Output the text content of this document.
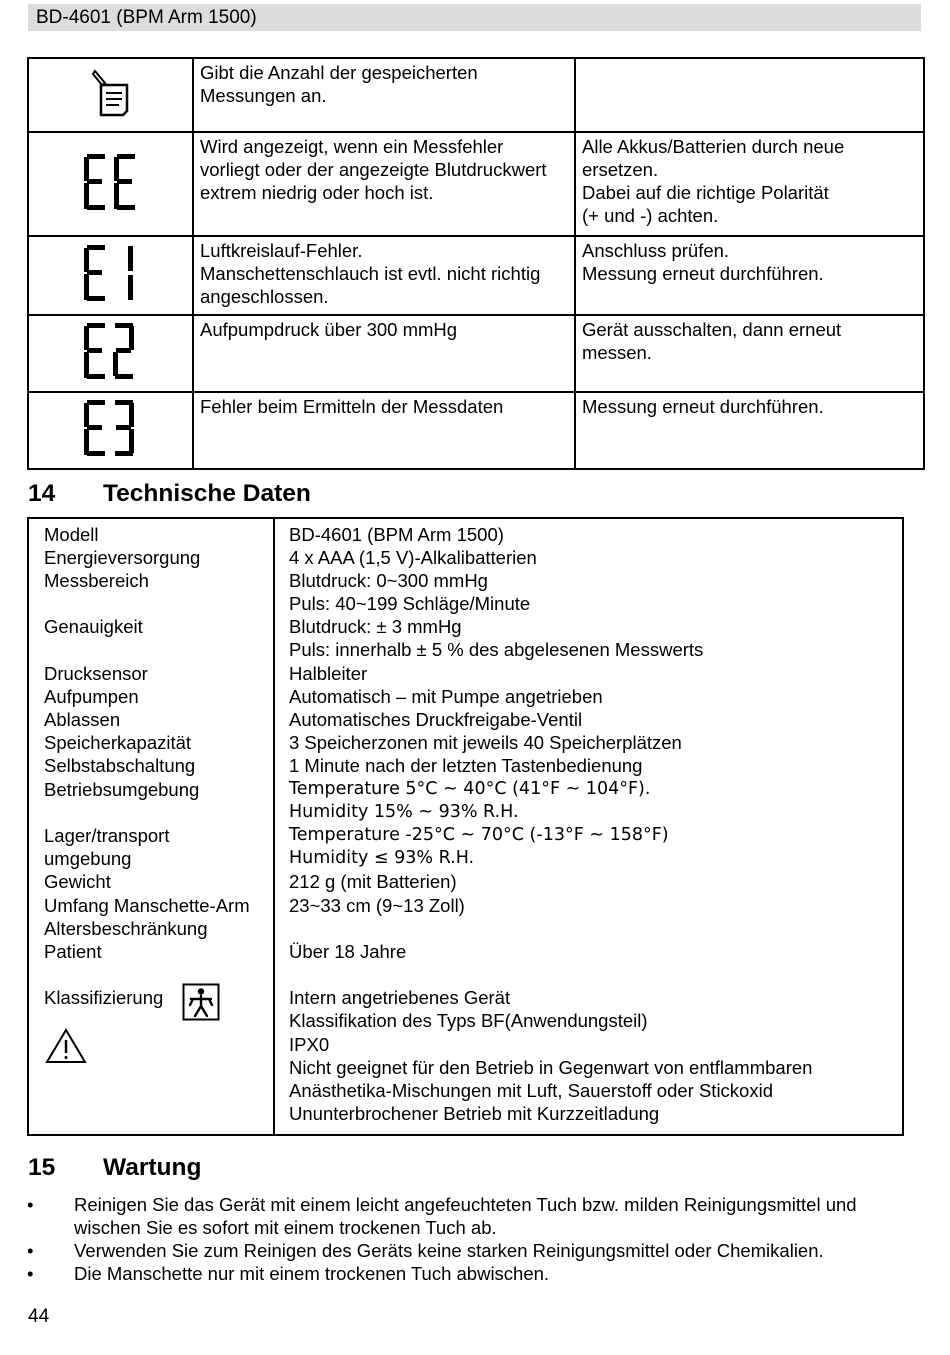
BD-4601 (BPM Arm 1500)
	Gibt die Anzahl der gespeicherten
Messungen an.	
	Wird angezeigt, wenn ein Messfehler
vorliegt oder der angezeigte Blutdruckwert
extrem niedrig oder hoch ist.	Alle Akkus/Batterien durch neue
ersetzen.
Dabei auf die richtige Polarität
(+ und -) achten.
	Luftkreislauf-Fehler.
Manschettenschlauch ist evtl. nicht richtig
angeschlossen.	Anschluss prüfen.
Messung erneut durchführen.
	Aufpumpdruck über 300 mmHg	Gerät ausschalten, dann erneut
messen.
	Fehler beim Ermitteln der Messdaten	Messung erneut durchführen.
14 Technische Daten
Modell	BD-4601 (BPM Arm 1500)
Energieversorgung	4 x AAA (1,5 V)-Alkalibatterien
Messbereich	Blutdruck: 0~300 mmHg
Puls: 40~199 Schläge/Minute
Genauigkeit	Blutdruck: ± 3 mmHg
Puls: innerhalb ± 5 % des abgelesenen Messwerts
Drucksensor	Halbleiter
Aufpumpen	Automatisch – mit Pumpe angetrieben
Ablassen	Automatisches Druckfreigabe-Ventil
Speicherkapazität	3 Speicherzonen mit jeweils 40 Speicherplätzen
Selbstabschaltung	1 Minute nach der letzten Tastenbedienung
Betriebsumgebung	Temperature 5°C ~ 40°C (41°F ~ 104°F).
Humidity 15% ~ 93% R.H.
Lager/transport	Temperature -25°C ~ 70°C (-13°F ~ 158°F)
umgebung	Humidity ≤ 93% R.H.
Gewicht	212 g (mit Batterien)
Umfang Manschette-Arm 23~33 cm (9~13 Zoll)
Altersbeschränkung
Patient	Über 18 Jahre
Klassifizierung	Intern angetriebenes Gerät
Klassifikation des Typs BF(Anwendungsteil)
IPX0
Nicht geeignet für den Betrieb in Gegenwart von entflammbaren
Anästhetika-Mischungen mit Luft, Sauerstoff oder Stickoxid
Ununterbrochener Betrieb mit Kurzzeitladung
15 Wartung
• Reinigen Sie das Gerät mit einem leicht angefeuchteten Tuch bzw. milden Reinigungsmittel und
wischen Sie es sofort mit einem trockenen Tuch ab.
• Verwenden Sie zum Reinigen des Geräts keine starken Reinigungsmittel oder Chemikalien.
• Die Manschette nur mit einem trockenen Tuch abwischen.
44
